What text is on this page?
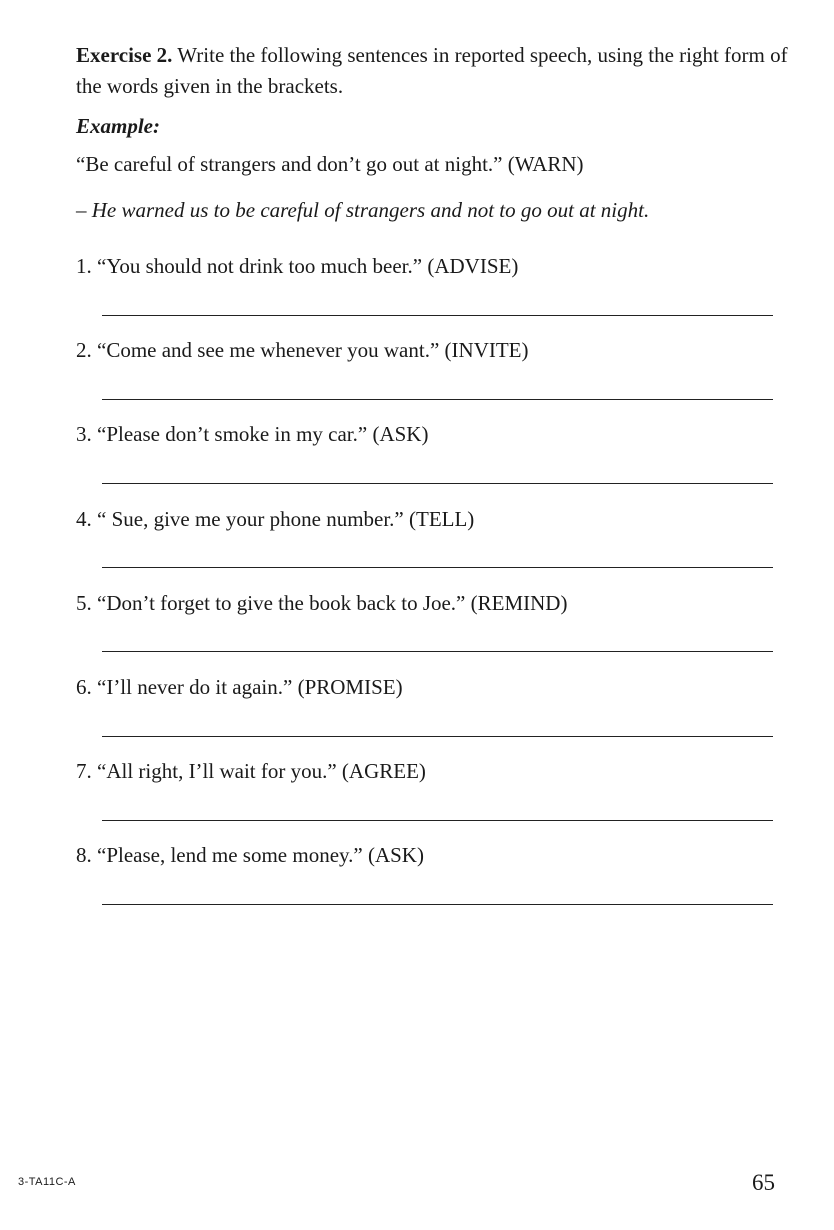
Exercise 2. Write the following sentences in reported speech, using the right form of the words given in the brackets.
Example:
“Be careful of strangers and don’t go out at night.” (WARN)
– He warned us to be careful of strangers and not to go out at night.
1. “You should not drink too much beer.” (ADVISE)
2. “Come and see me whenever you want.” (INVITE)
3. “Please don’t smoke in my car.” (ASK)
4. “ Sue, give me your phone number.” (TELL)
5. “Don’t forget to give the book back to Joe.” (REMIND)
6. “I’ll never do it again.” (PROMISE)
7. “All right, I’ll wait for you.” (AGREE)
8. “Please, lend me some money.” (ASK)
3-TA11C-A	65
